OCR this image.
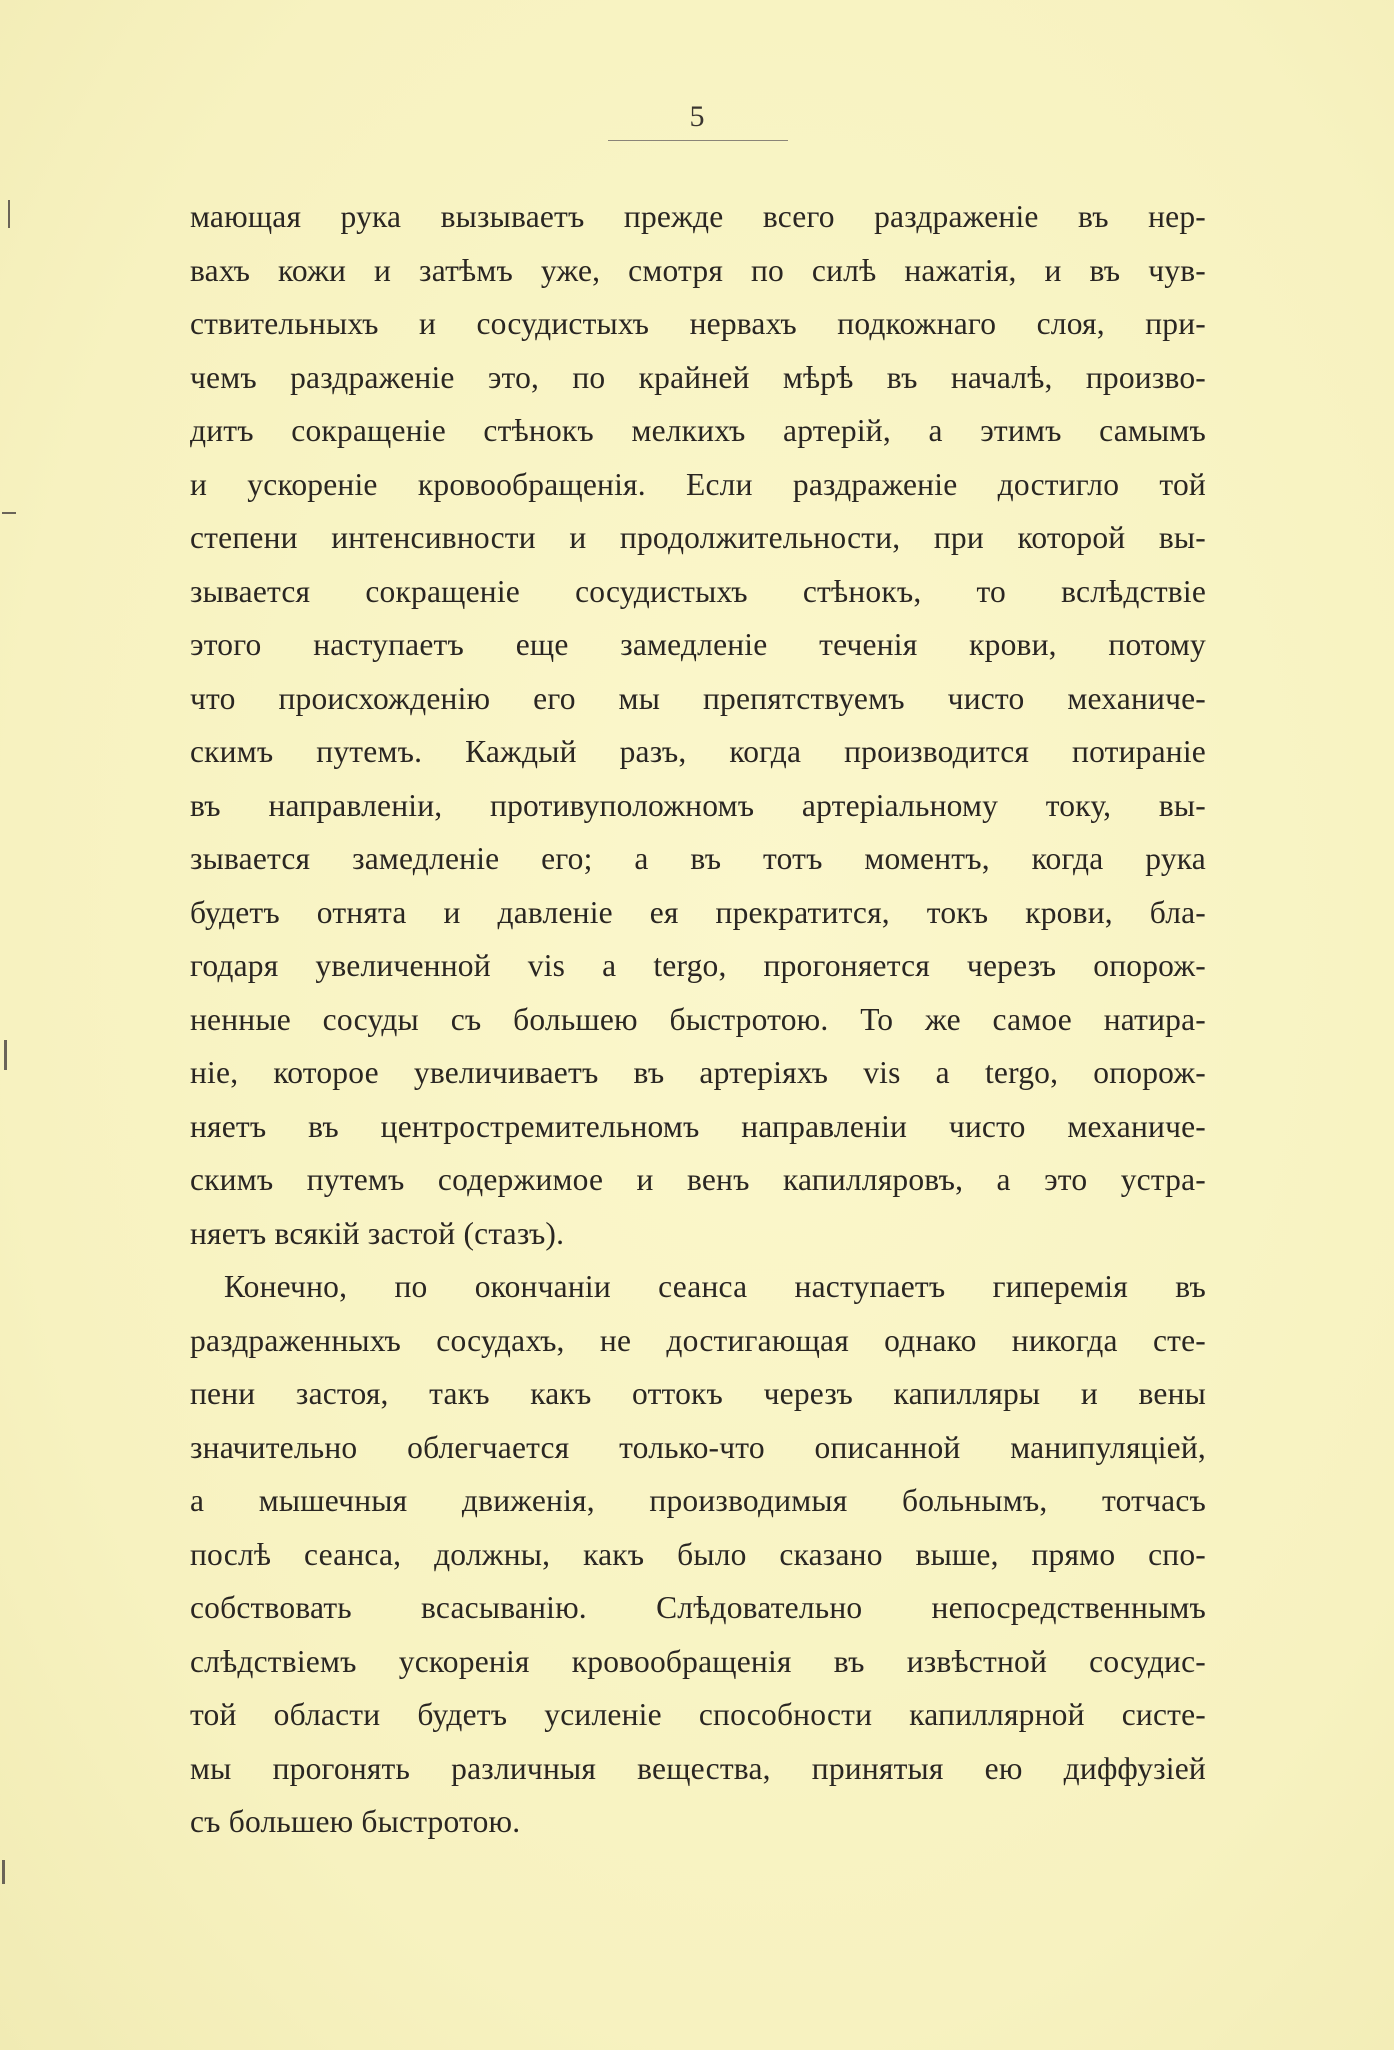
5
мающая рука вызываетъ прежде всего раздраженіе въ нер-
вахъ кожи и затѣмъ уже, смотря по силѣ нажатія, и въ чув-
ствительныхъ и сосудистыхъ нервахъ подкожнаго слоя, при-
чемъ раздраженіе это, по крайней мѣрѣ въ началѣ, произво-
дитъ сокращеніе стѣнокъ мелкихъ артерій, а этимъ самымъ
и ускореніе кровообращенія. Если раздраженіе достигло той
степени интенсивности и продолжительности, при которой вы-
зывается сокращеніе сосудистыхъ стѣнокъ, то вслѣдствіе
этого наступаетъ еще замедленіе теченія крови, потому
что происхожденію его мы препятствуемъ чисто механиче-
скимъ путемъ. Каждый разъ, когда производится потираніе
въ направленіи, противуположномъ артеріальному току, вы-
зывается замедленіе его; а въ тотъ моментъ, когда рука
будетъ отнята и давленіе ея прекратится, токъ крови, бла-
годаря увеличенной vis a tergo, прогоняется черезъ опорож-
ненные сосуды съ большею быстротою. То же самое натира-
ніе, которое увеличиваетъ въ артеріяхъ vis a tergo, опорож-
няетъ въ центростремительномъ направленіи чисто механиче-
скимъ путемъ содержимое и венъ капилляровъ, а это устра-
няетъ всякій застой (стазъ).
Конечно, по окончаніи сеанса наступаетъ гиперемія въ
раздраженныхъ сосудахъ, не достигающая однако никогда сте-
пени застоя, такъ какъ оттокъ черезъ капилляры и вены
значительно облегчается только-что описанной манипуляціей,
а мышечныя движенія, производимыя больнымъ, тотчасъ
послѣ сеанса, должны, какъ было сказано выше, прямо спо-
собствовать всасыванію. Слѣдовательно непосредственнымъ
слѣдствіемъ ускоренія кровообращенія въ извѣстной сосудис-
той области будетъ усиленіе способности капиллярной систе-
мы прогонять различныя вещества, принятыя ею диффузіей
съ большею быстротою.
